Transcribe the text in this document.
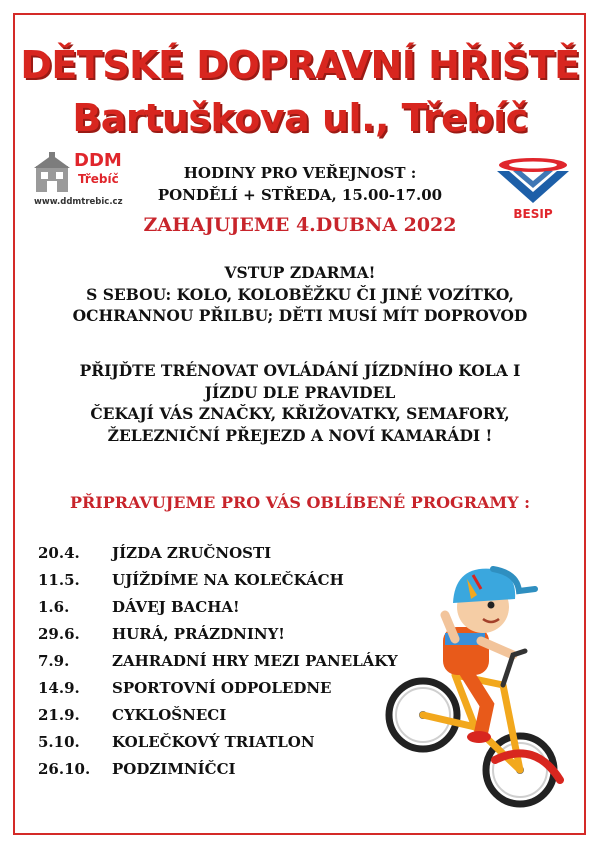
DĚTSKÉ DOPRAVNÍ HŘIŠTĚ
Bartuškova ul., Třebíč
DDM
Třebíč
www.ddmtrebic.cz
HODINY PRO VEŘEJNOST :
PONDĚLÍ + STŘEDA, 15.00-17.00
BESIP
ZAHAJUJEME 4.DUBNA 2022
VSTUP ZDARMA!
S SEBOU: KOLO, KOLOBĚŽKU ČI JINÉ VOZÍTKO,
OCHRANNOU PŘILBU; DĚTI MUSÍ MÍT DOPROVOD
PŘIJĎTE TRÉNOVAT OVLÁDÁNÍ JÍZDNÍHO KOLA I
JÍZDU DLE PRAVIDEL
ČEKAJÍ VÁS ZNAČKY, KŘIŽOVATKY, SEMAFORY,
ŽELEZNIČNÍ PŘEJEZD A NOVÍ KAMARÁDI !
PŘIPRAVUJEME PRO VÁS OBLÍBENÉ PROGRAMY :
20.4.	JÍZDA ZRUČNOSTI
11.5.	UJÍŽDÍME NA KOLEČKÁCH
1.6.	DÁVEJ BACHA!
29.6.	HURÁ, PRÁZDNINY!
7.9.	ZAHRADNÍ HRY MEZI PANELÁKY
14.9.	SPORTOVNÍ ODPOLEDNE
21.9.	CYKLOŠNECI
5.10.	KOLEČKOVÝ TRIATLON
26.10.	PODZIMNÍČCI
